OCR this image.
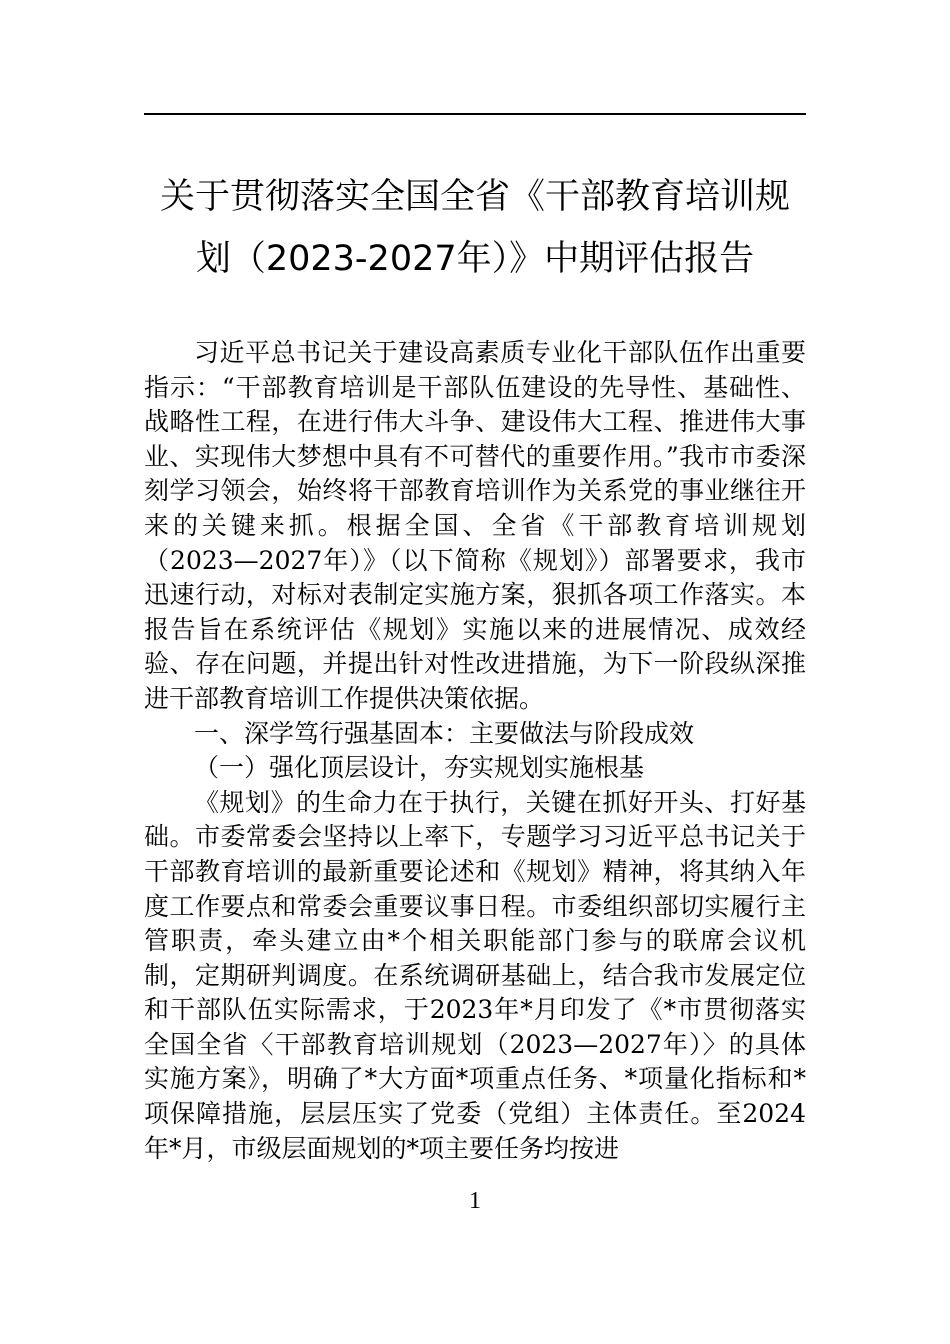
关于贯彻落实全国全省《干部教育培训规
划（2023-2027年）》中期评估报告

习近平总书记关于建设高素质专业化干部队伍作出重要指示：“干部教育培训是干部队伍建设的先导性、基础性、战略性工程，在进行伟大斗争、建设伟大工程、推进伟大事业、实现伟大梦想中具有不可替代的重要作用。”我市市委深刻学习领会，始终将干部教育培训作为关系党的事业继往开来的关键来抓。根据全国、全省《干部教育培训规划（2023—2027年）》（以下简称《规划》）部署要求，我市迅速行动，对标对表制定实施方案，狠抓各项工作落实。本报告旨在系统评估《规划》实施以来的进展情况、成效经验、存在问题，并提出针对性改进措施，为下一阶段纵深推进干部教育培训工作提供决策依据。

一、深学笃行强基固本：主要做法与阶段成效

（一）强化顶层设计，夯实规划实施根基

《规划》的生命力在于执行，关键在抓好开头、打好基础。市委常委会坚持以上率下，专题学习习近平总书记关于干部教育培训的最新重要论述和《规划》精神，将其纳入年度工作要点和常委会重要议事日程。市委组织部切实履行主管职责，牵头建立由*个相关职能部门参与的联席会议机制，定期研判调度。在系统调研基础上，结合我市发展定位和干部队伍实际需求，于2023年*月印发了《*市贯彻落实全国全省〈干部教育培训规划（2023—2027年）〉的具体实施方案》，明确了*大方面*项重点任务、*项量化指标和*项保障措施，层层压实了党委（党组）主体责任。至2024年*月，市级层面规划的*项主要任务均按进

1
